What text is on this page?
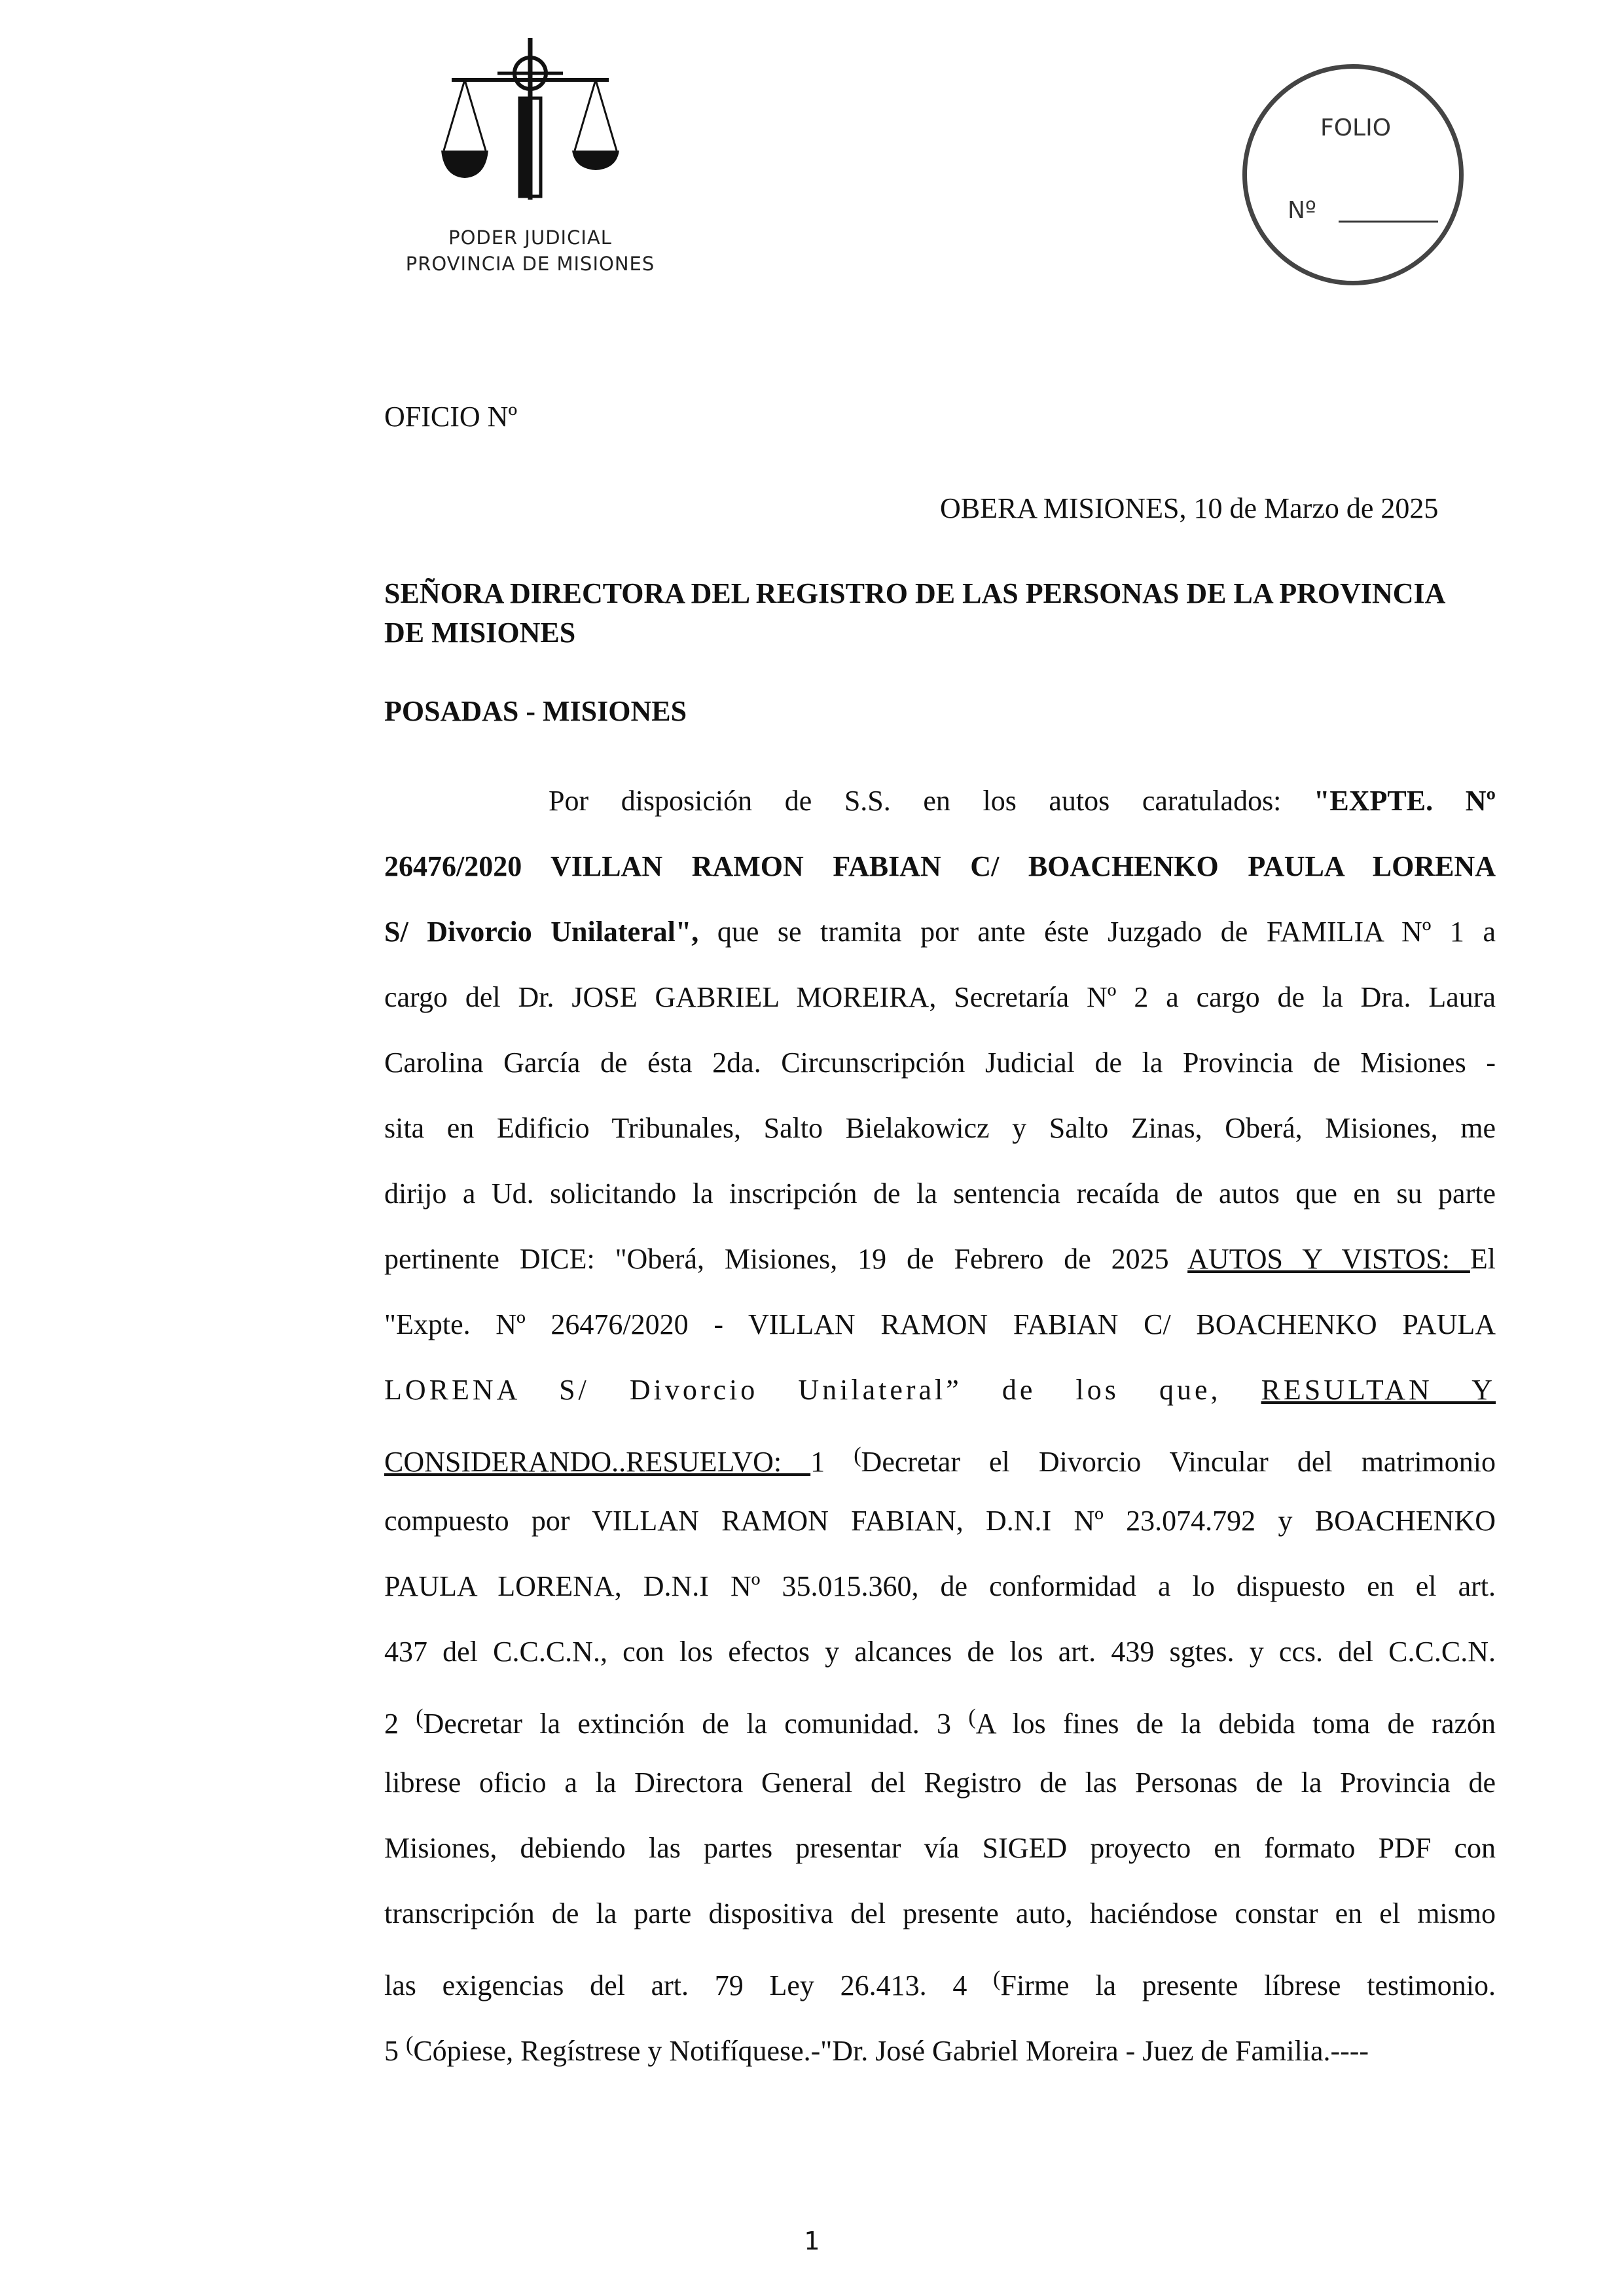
PODER JUDICIAL
PROVINCIA DE MISIONES
FOLIO
Nº
OFICIO Nº
OBERA MISIONES, 10 de Marzo de 2025
SEÑORA DIRECTORA DEL REGISTRO DE LAS PERSONAS DE LA PROVINCIA
DE MISIONES
POSADAS - MISIONES
Por disposición de S.S. en los autos caratulados: "EXPTE. Nº
26476/2020 VILLAN RAMON FABIAN C/ BOACHENKO PAULA LORENA
S/ Divorcio Unilateral", que se tramita por ante éste Juzgado de FAMILIA Nº 1 a
cargo del Dr. JOSE GABRIEL MOREIRA, Secretaría Nº 2 a cargo de la Dra. Laura
Carolina García de ésta 2da. Circunscripción Judicial de la Provincia de Misiones -
sita en Edificio Tribunales, Salto Bielakowicz y Salto Zinas, Oberá, Misiones, me
dirijo a Ud. solicitando la inscripción de la sentencia recaída de autos que en su parte
pertinente DICE: "Oberá, Misiones, 19 de Febrero de 2025 AUTOS Y VISTOS: El
"Expte. Nº 26476/2020 - VILLAN RAMON FABIAN C/ BOACHENKO PAULA
LORENA S/ Divorcio Unilateral” de los que, RESULTAN Y
CONSIDERANDO..RESUELVO: 1 (Decretar el Divorcio Vincular del matrimonio
compuesto por VILLAN RAMON FABIAN, D.N.I Nº 23.074.792 y BOACHENKO
PAULA LORENA, D.N.I Nº 35.015.360, de conformidad a lo dispuesto en el art.
437 del C.C.C.N., con los efectos y alcances de los art. 439 sgtes. y ccs. del C.C.C.N.
2 (Decretar la extinción de la comunidad. 3 (A los fines de la debida toma de razón
librese oficio a la Directora General del Registro de las Personas de la Provincia de
Misiones, debiendo las partes presentar vía SIGED proyecto en formato PDF con
transcripción de la parte dispositiva del presente auto, haciéndose constar en el mismo
las exigencias del art. 79 Ley 26.413. 4 (Firme la presente líbrese testimonio.
5 (Cópiese, Regístrese y Notifíquese.-"Dr. José Gabriel Moreira - Juez de Familia.----
1
